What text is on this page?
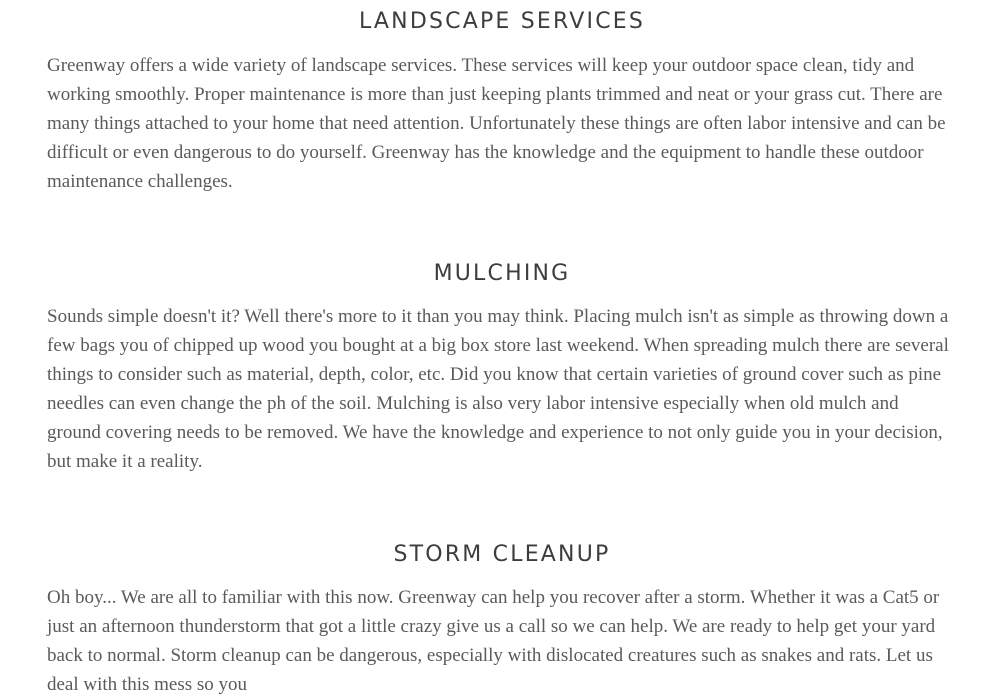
LANDSCAPE SERVICES

Greenway offers a wide variety of landscape services. These services will keep your outdoor space clean, tidy and working smoothly. Proper maintenance is more than just keeping plants trimmed and neat or your grass cut. There are many things attached to your home that need attention. Unfortunately these things are often labor intensive and can be difficult or even dangerous to do yourself. Greenway has the knowledge and the equipment to handle these outdoor maintenance challenges.

MULCHING

Sounds simple doesn't it? Well there's more to it than you may think. Placing mulch isn't as simple as throwing down a few bags you of chipped up wood you bought at a big box store last weekend. When spreading mulch there are several things to consider such as material, depth, color, etc. Did you know that certain varieties of ground cover such as pine needles can even change the ph of the soil. Mulching is also very labor intensive especially when old mulch and ground covering needs to be removed. We have the knowledge and experience to not only guide you in your decision, but make it a reality.

STORM CLEANUP

Oh boy... We are all to familiar with this now. Greenway can help you recover after a storm. Whether it was a Cat5 or just an afternoon thunderstorm that got a little crazy give us a call so we can help. We are ready to help get your yard back to normal. Storm cleanup can be dangerous, especially with dislocated creatures such as snakes and rats. Let us deal with this mess so you
